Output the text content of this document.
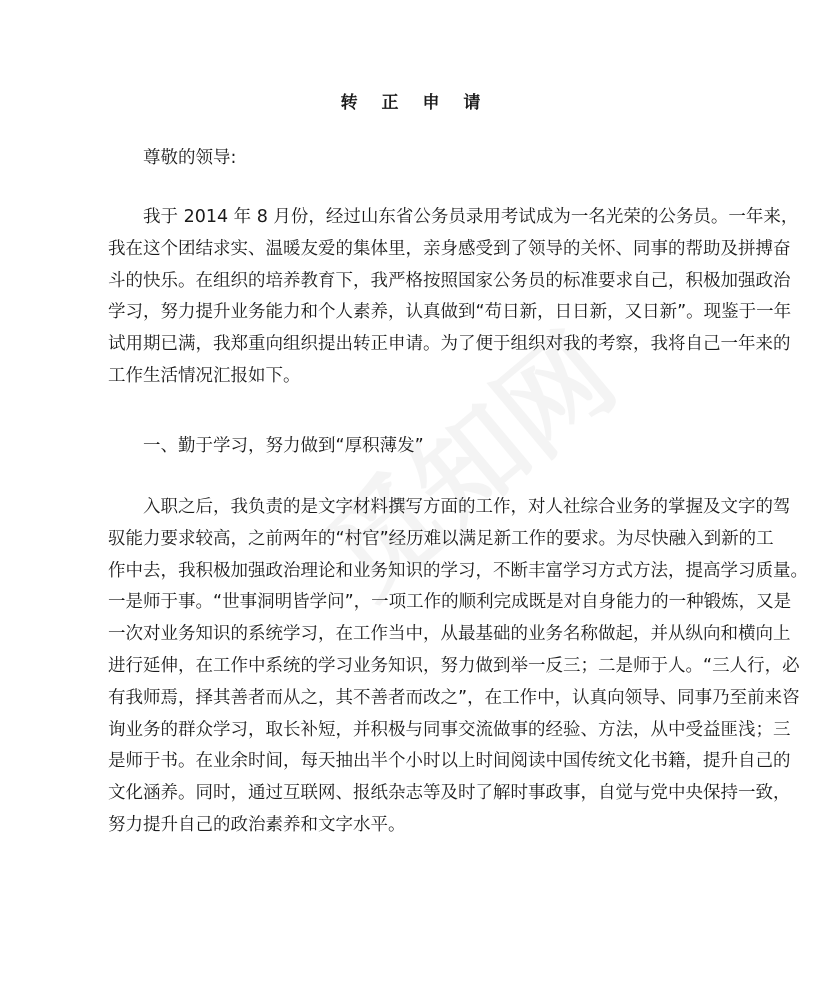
转 正 申 请
尊敬的领导:
我于 2014 年 8 月份，经过山东省公务员录用考试成为一名光荣的公务员。一年来，
我在这个团结求实、温暖友爱的集体里，亲身感受到了领导的关怀、同事的帮助及拼搏奋
斗的快乐。在组织的培养教育下，我严格按照国家公务员的标准要求自己，积极加强政治
学习，努力提升业务能力和个人素养，认真做到“苟日新，日日新，又日新”。现鉴于一年
试用期已满，我郑重向组织提出转正申请。为了便于组织对我的考察，我将自己一年来的
工作生活情况汇报如下。
一、勤于学习，努力做到“厚积薄发”
入职之后，我负责的是文字材料撰写方面的工作，对人社综合业务的掌握及文字的驾
驭能力要求较高，之前两年的“村官”经历难以满足新工作的要求。为尽快融入到新的工
作中去，我积极加强政治理论和业务知识的学习，不断丰富学习方式方法，提高学习质量。
一是师于事。“世事洞明皆学问”，一项工作的顺利完成既是对自身能力的一种锻炼，又是
一次对业务知识的系统学习，在工作当中，从最基础的业务名称做起，并从纵向和横向上
进行延伸，在工作中系统的学习业务知识，努力做到举一反三；二是师于人。“三人行，必
有我师焉，择其善者而从之，其不善者而改之”，在工作中，认真向领导、同事乃至前来咨
询业务的群众学习，取长补短，并积极与同事交流做事的经验、方法，从中受益匪浅；三
是师于书。在业余时间，每天抽出半个小时以上时间阅读中国传统文化书籍，提升自己的
文化涵养。同时，通过互联网、报纸杂志等及时了解时事政事，自觉与党中央保持一致，
努力提升自己的政治素养和文字水平。
